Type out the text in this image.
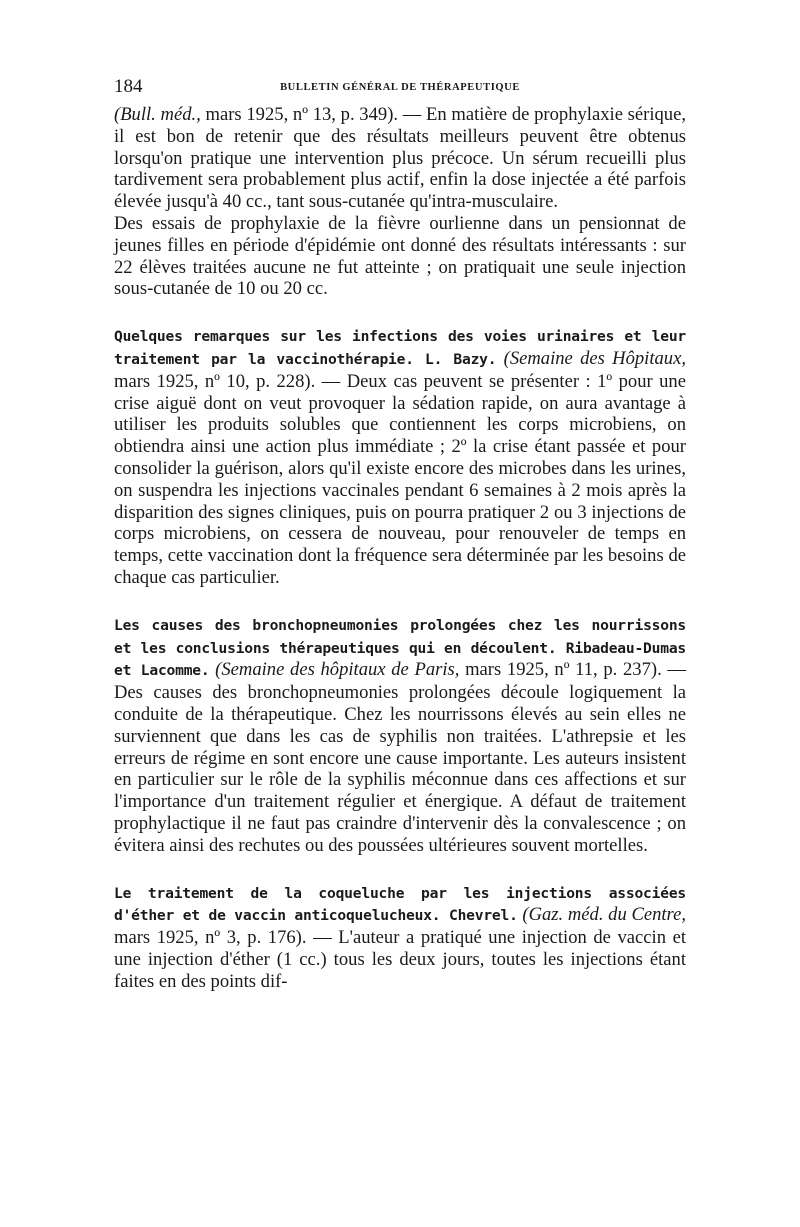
184	BULLETIN GÉNÉRAL DE THÉRAPEUTIQUE

(Bull. méd., mars 1925, nº 13, p. 349). — En matière de prophylaxie sérique, il est bon de retenir que des résultats meilleurs peuvent être obtenus lorsqu'on pratique une intervention plus précoce. Un sérum recueilli plus tardivement sera probablement plus actif, enfin la dose injectée a été parfois élevée jusqu'à 40 cc., tant sous-cutanée qu'intra-musculaire.

Des essais de prophylaxie de la fièvre ourlienne dans un pensionnat de jeunes filles en période d'épidémie ont donné des résultats intéressants : sur 22 élèves traitées aucune ne fut atteinte ; on pratiquait une seule injection sous-cutanée de 10 ou 20 cc.

Quelques remarques sur les infections des voies urinaires et leur traitement par la vaccinothérapie. L. Bazy. (Semaine des Hôpitaux, mars 1925, nº 10, p. 228). — Deux cas peuvent se présenter : 1º pour une crise aiguë dont on veut provoquer la sédation rapide, on aura avantage à utiliser les produits solubles que contiennent les corps microbiens, on obtiendra ainsi une action plus immédiate ; 2º la crise étant passée et pour consolider la guérison, alors qu'il existe encore des microbes dans les urines, on suspendra les injections vaccinales pendant 6 semaines à 2 mois après la disparition des signes cliniques, puis on pourra pratiquer 2 ou 3 injections de corps microbiens, on cessera de nouveau, pour renouveler de temps en temps, cette vaccination dont la fréquence sera déterminée par les besoins de chaque cas particulier.

Les causes des bronchopneumonies prolongées chez les nourrissons et les conclusions thérapeutiques qui en découlent. Ribadeau-Dumas et Lacomme. (Semaine des hôpitaux de Paris, mars 1925, nº 11, p. 237). — Des causes des bronchopneumonies prolongées découle logiquement la conduite de la thérapeutique. Chez les nourrissons élevés au sein elles ne surviennent que dans les cas de syphilis non traitées. L'athrepsie et les erreurs de régime en sont encore une cause importante. Les auteurs insistent en particulier sur le rôle de la syphilis méconnue dans ces affections et sur l'importance d'un traitement régulier et énergique. A défaut de traitement prophylactique il ne faut pas craindre d'intervenir dès la convalescence ; on évitera ainsi des rechutes ou des poussées ultérieures souvent mortelles.

Le traitement de la coqueluche par les injections associées d'éther et de vaccin anticoquelucheux. Chevrel. (Gaz. méd. du Centre, mars 1925, nº 3, p. 176). — L'auteur a pratiqué une injection de vaccin et une injection d'éther (1 cc.) tous les deux jours, toutes les injections étant faites en des points dif-
